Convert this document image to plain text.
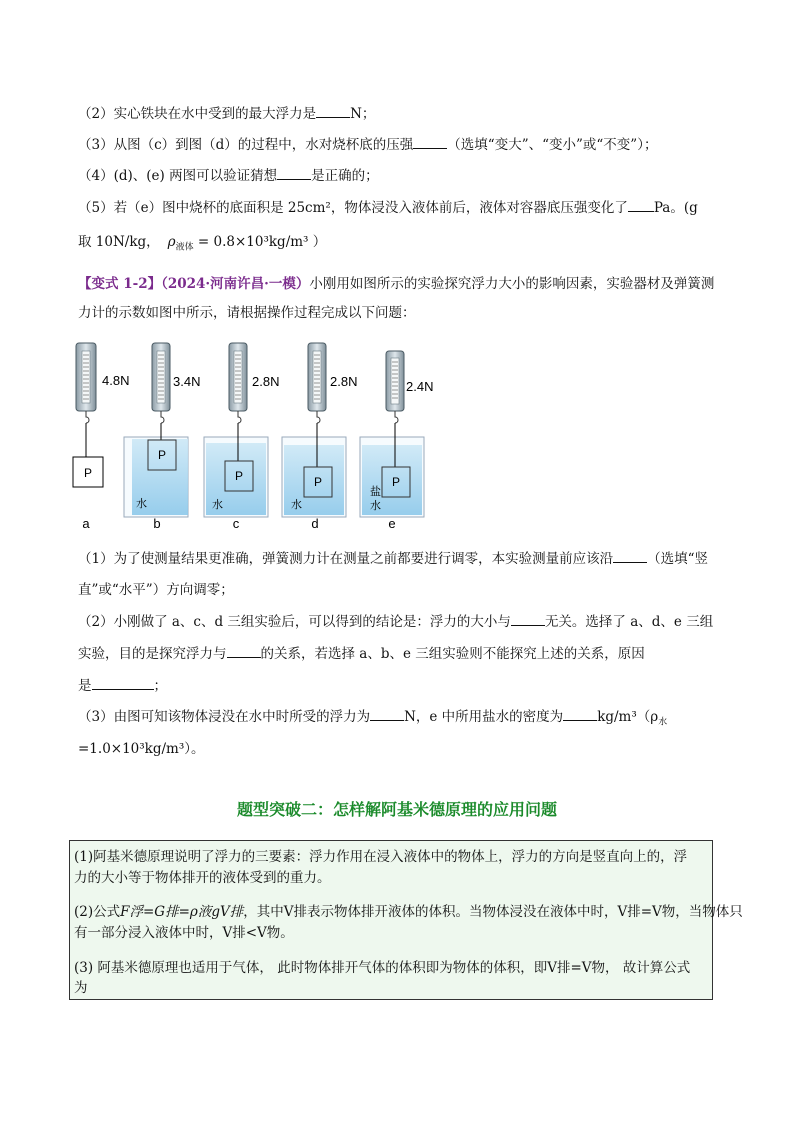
（2）实心铁块在水中受到的最大浮力是	N；
（3）从图（c）到图（d）的过程中，水对烧杯底的压强	（选填“变大”、“变小”或“不变”）；
（4）(d)、(e) 两图可以验证猜想	是正确的；
（5）若（e）图中烧杯的底面积是 25cm²，物体浸没入液体前后，液体对容器底压强变化了 Pa。(g
取 10N/kg， $\rho_{液体} = 0.8\times 10^3kg/m^3$ ）
【变式 1-2】（2024·河南许昌·一模）小刚用如图所示的实验探究浮力大小的影响因素，实验器材及弹簧测
力计的示数如图中所示，请根据操作过程完成以下问题：
P
4.8N
a
P
水
3.4N
b
P
水
2.8N
c
P
水
2.8N
d
P
盐
水
2.4N
e
（1）为了使测量结果更准确，弹簧测力计在测量之前都要进行调零，本实验测量前应该沿	（选填“竖
直”或“水平”）方向调零；
（2）小刚做了 a、c、d 三组实验后，可以得到的结论是：浮力的大小与	无关。选择了 a、d、e 三组
实验，目的是探究浮力与	的关系，若选择 a、b、e 三组实验则不能探究上述的关系，原因
是	；
（3）由图可知该物体浸没在水中时所受的浮力为	N，e 中所用盐水的密度为	$kg/m^3(\rho_水$
=1.0×10³kg/m³）。
题型突破二：怎样解阿基米德原理的应用问题
(1)阿基米德原理说明了浮力的三要素：浮力作用在浸入液体中的物体上，浮力的方向是竖直向上的，浮
力的大小等于物体排开的液体受到的重力。
(2)公式F浮=G排=ρ液gV排，其中V排表示物体排开液体的体积。当物体浸没在液体中时，V排=V物，当物体只
有一部分浸入液体中时，V排<V物。
(3) 阿基米德原理也适用于气体， 此时物体排开气体的体积即为物体的体积，即V排=V物， 故计算公式
为
